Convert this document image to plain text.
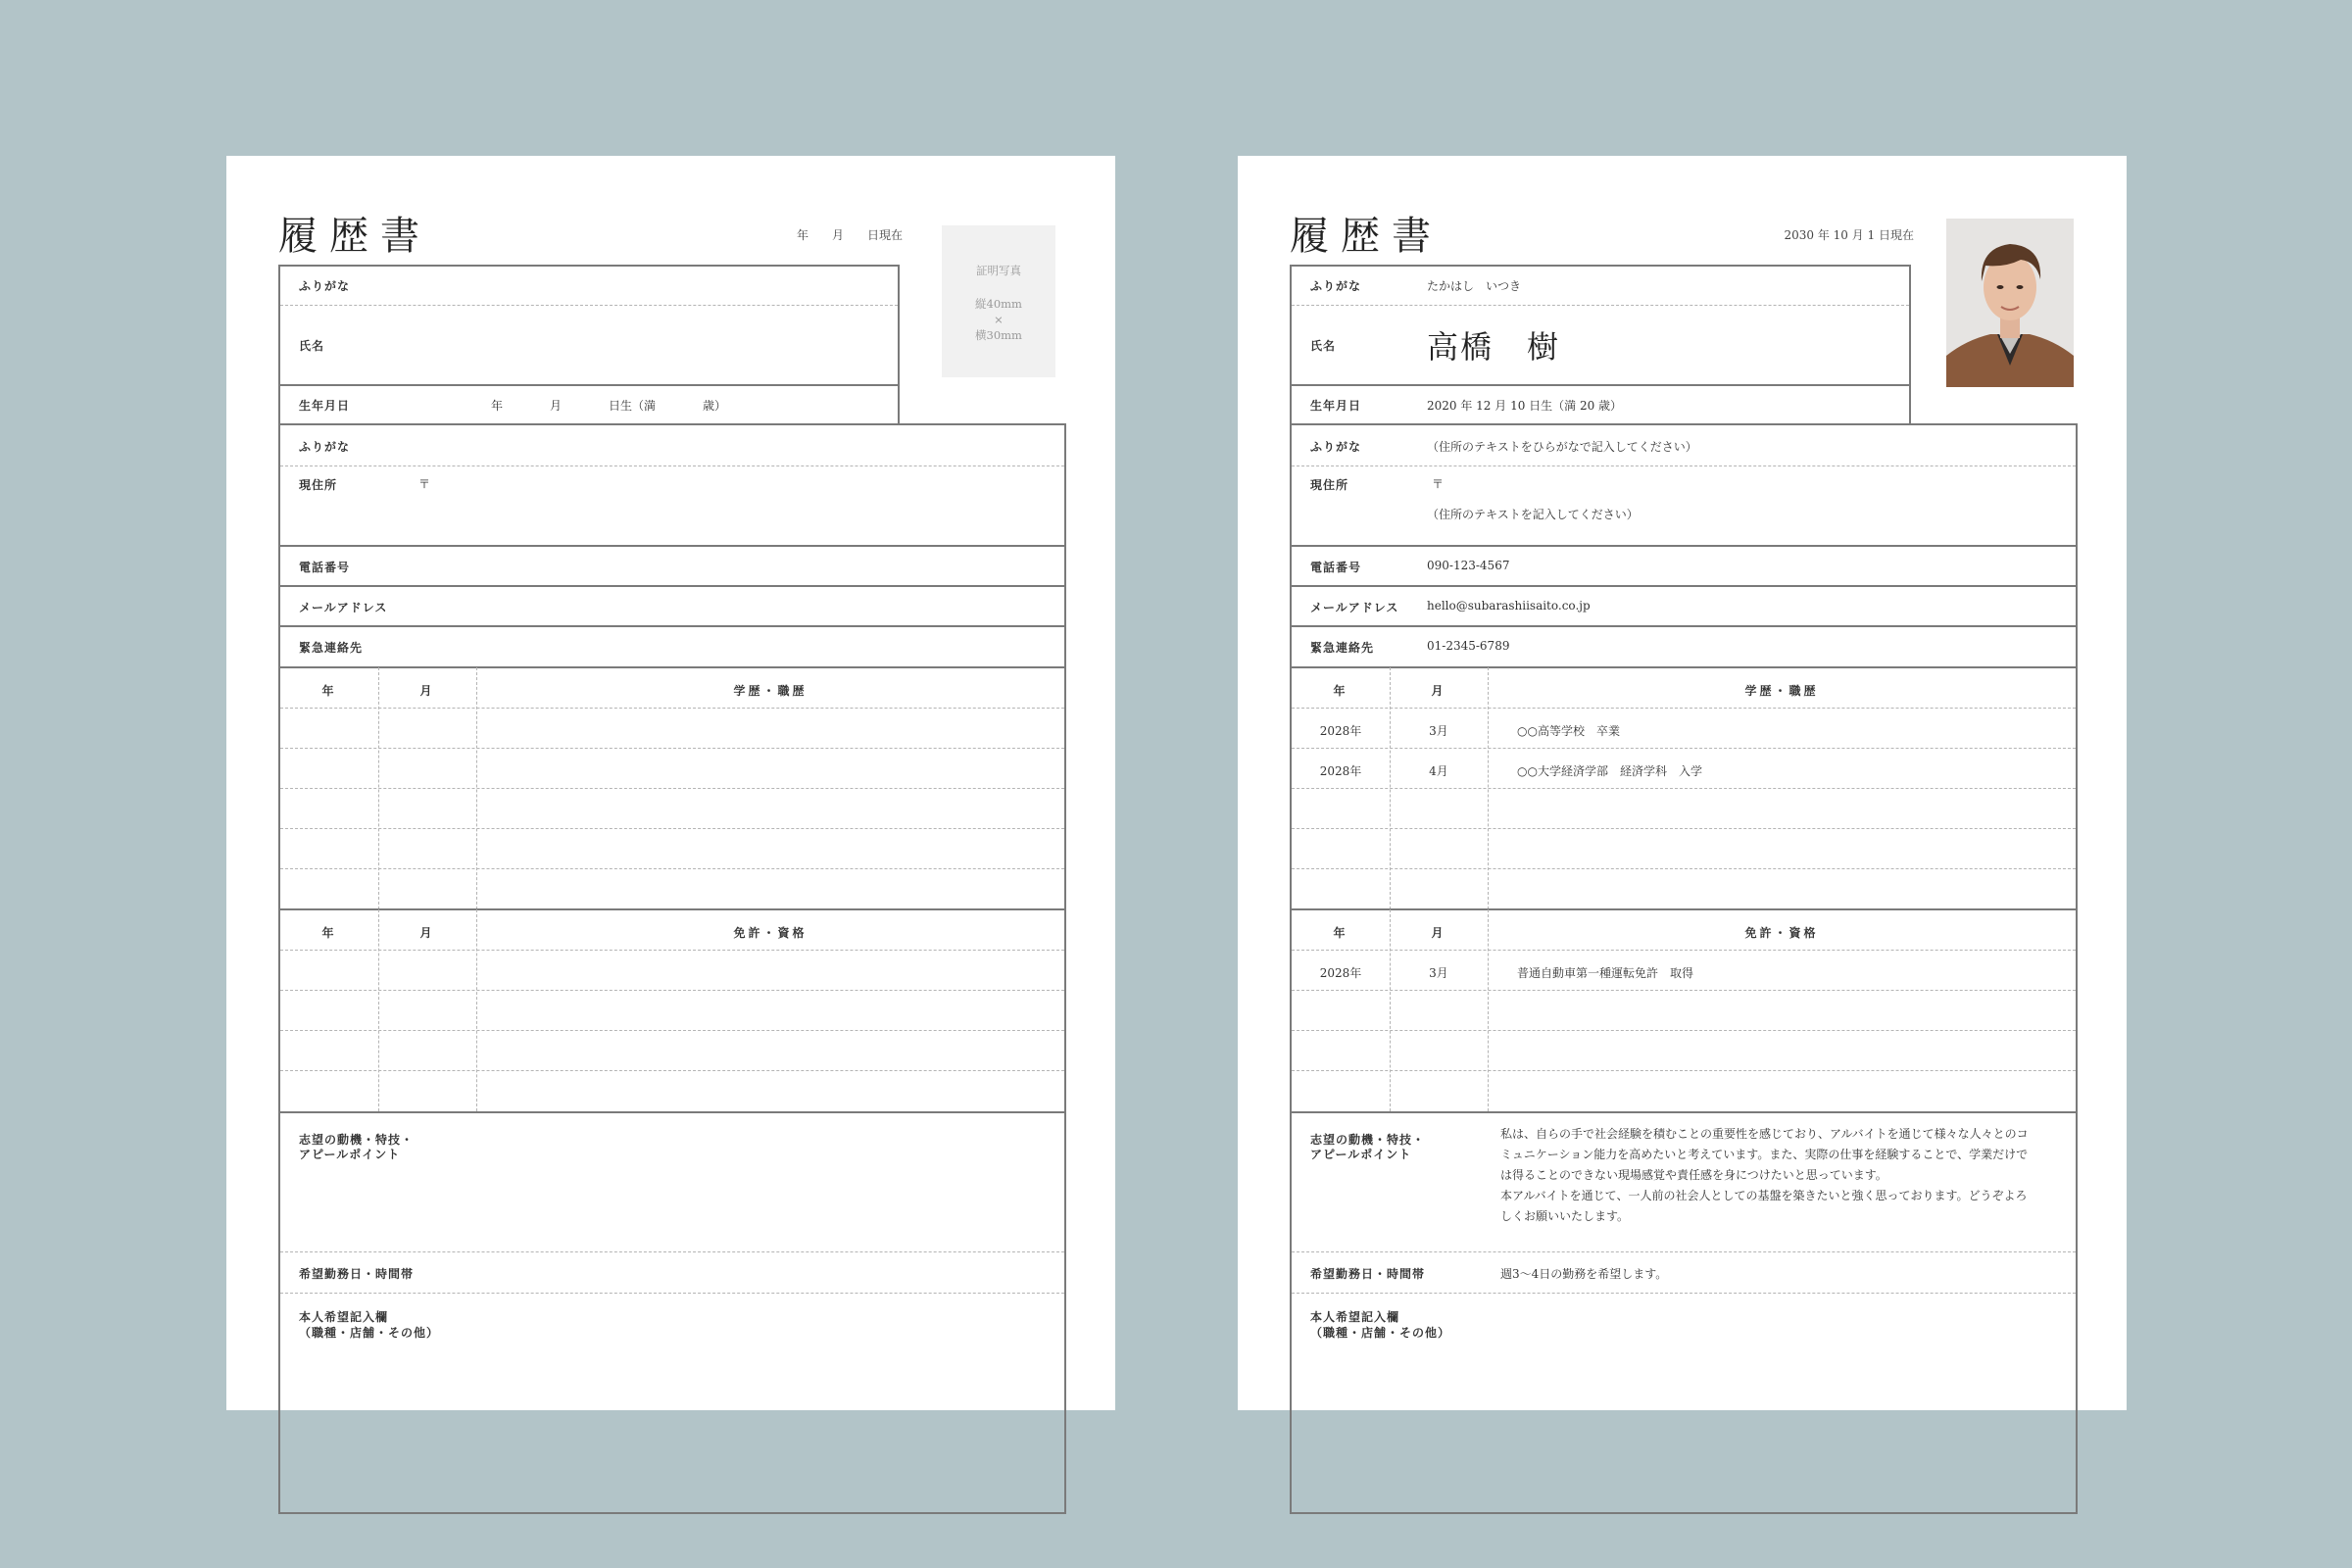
履歴書	年　　月　　日現在
証明写真
縦40mm
×
横30mm
ふりがな
氏名
生年月日	年　　　　月　　　　日生（満　　　　歳）
ふりがな
現住所	〒
電話番号
メールアドレス
緊急連絡先
年	月	学歴・職歴
年	月	免許・資格
志望の動機・特技・
アピールポイント
希望勤務日・時間帯
本人希望記入欄
（職種・店舗・その他）
履歴書	2030 年 10 月 1 日現在
ふりがな	たかはし　いつき
氏名	高橋　樹
生年月日	2020 年 12 月 10 日生（満 20 歳）
ふりがな	（住所のテキストをひらがなで記入してください）
現住所	〒
（住所のテキストを記入してください）
電話番号	090-123-4567
メールアドレス hello@subarashiisaito.co.jp
緊急連絡先	01-2345-6789
年	月	学歴・職歴
2028年	3月	○○高等学校　卒業
2028年	4月	○○大学経済学部　経済学科　入学
年	月	免許・資格
2028年	3月	普通自動車第一種運転免許　取得
志望の動機・特技・
アピールポイント
私は、自らの手で社会経験を積むことの重要性を感じており、アルバイトを通じて様々な人々とのコ
ミュニケーション能力を高めたいと考えています。また、実際の仕事を経験することで、学業だけで
は得ることのできない現場感覚や責任感を身につけたいと思っています。
本アルバイトを通じて、一人前の社会人としての基盤を築きたいと強く思っております。どうぞよろ
しくお願いいたします。
希望勤務日・時間帯	週3～4日の勤務を希望します。
本人希望記入欄
（職種・店舗・その他）
